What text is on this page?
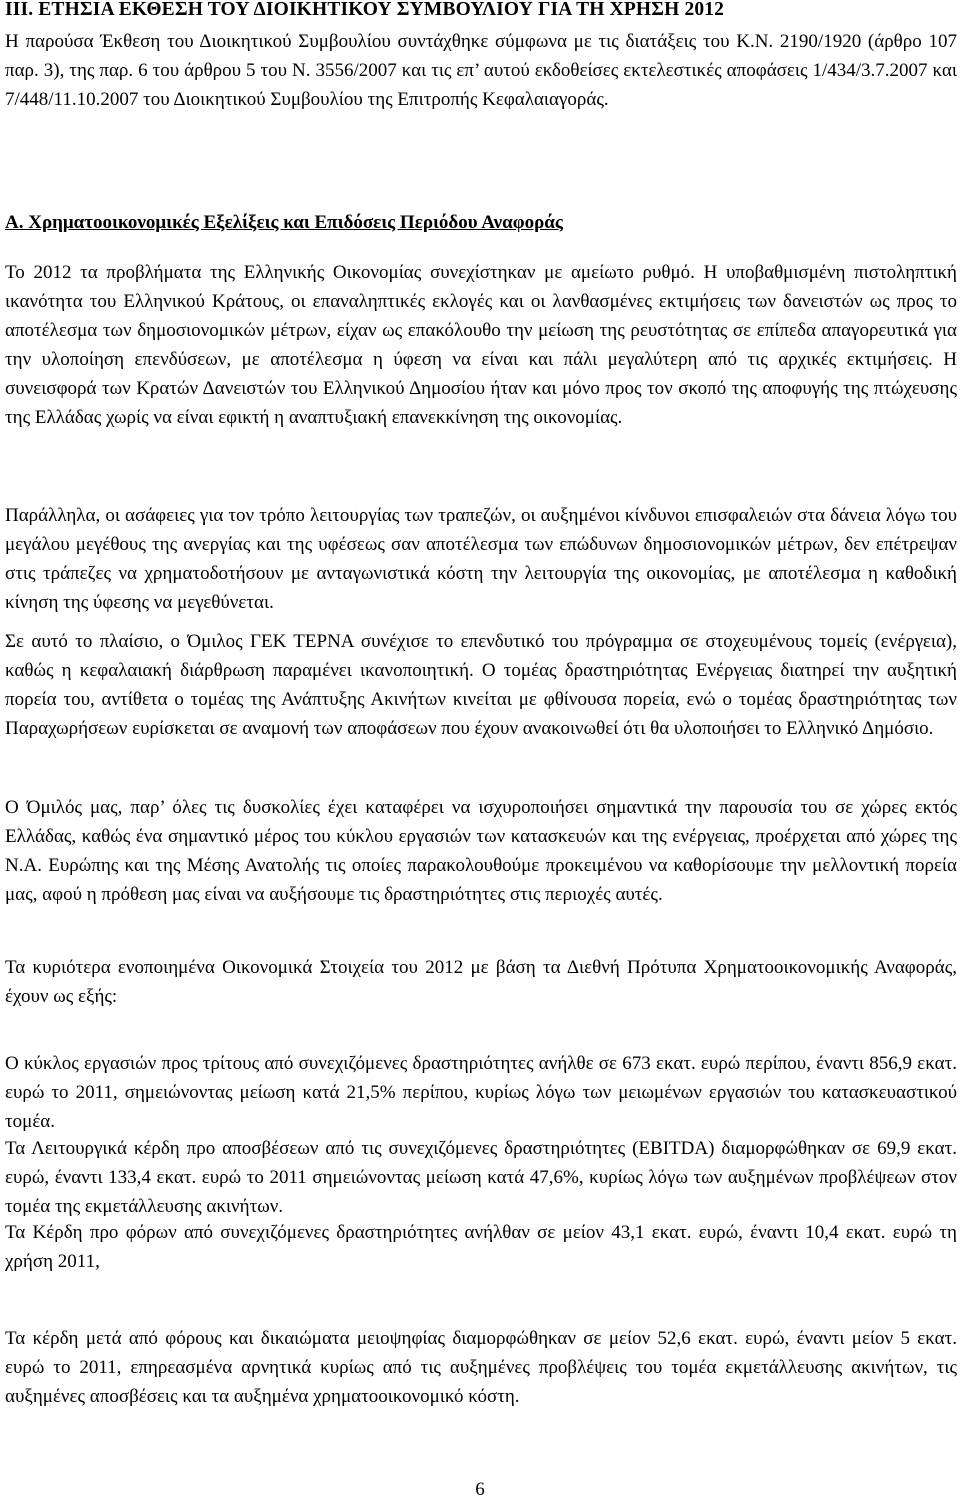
III. ΕΤΗΣΙΑ ΕΚΘΕΣΗ ΤΟΥ ΔΙΟΙΚΗΤΙΚΟΥ ΣΥΜΒΟΥΛΙΟΥ ΓΙΑ ΤΗ ΧΡΗΣΗ 2012

Η παρούσα Έκθεση του Διοικητικού Συμβουλίου συντάχθηκε σύμφωνα με τις διατάξεις του Κ.Ν. 2190/1920 (άρθρο 107 παρ. 3), της παρ. 6 του άρθρου 5 του Ν. 3556/2007 και τις επ’ αυτού εκδοθείσες εκτελεστικές αποφάσεις 1/434/3.7.2007 και 7/448/11.10.2007 του Διοικητικού Συμβουλίου της Επιτροπής Κεφαλαιαγοράς.

Α. Χρηματοοικονομικές Εξελίξεις και Επιδόσεις Περιόδου Αναφοράς

Το 2012 τα προβλήματα της Ελληνικής Οικονομίας συνεχίστηκαν με αμείωτο ρυθμό. Η υποβαθμισμένη πιστοληπτική ικανότητα του Ελληνικού Κράτους, οι επαναληπτικές εκλογές και οι λανθασμένες εκτιμήσεις των δανειστών ως προς το αποτέλεσμα των δημοσιονομικών μέτρων, είχαν ως επακόλουθο την μείωση της ρευστότητας σε επίπεδα απαγορευτικά για την υλοποίηση επενδύσεων, με αποτέλεσμα η ύφεση να είναι και πάλι μεγαλύτερη από τις αρχικές εκτιμήσεις. Η συνεισφορά των Κρατών Δανειστών του Ελληνικού Δημοσίου ήταν και μόνο προς τον σκοπό της αποφυγής της πτώχευσης της Ελλάδας χωρίς να είναι εφικτή η αναπτυξιακή επανεκκίνηση της οικονομίας.

Παράλληλα, οι ασάφειες για τον τρόπο λειτουργίας των τραπεζών, οι αυξημένοι κίνδυνοι επισφαλειών στα δάνεια λόγω του μεγάλου μεγέθους της ανεργίας και της υφέσεως σαν αποτέλεσμα των επώδυνων δημοσιονομικών μέτρων, δεν επέτρεψαν στις τράπεζες να χρηματοδοτήσουν με ανταγωνιστικά κόστη την λειτουργία της οικονομίας, με αποτέλεσμα η καθοδική κίνηση της ύφεσης να μεγεθύνεται.

Σε αυτό το πλαίσιο, ο Όμιλος ΓΕΚ ΤΕΡΝΑ συνέχισε το επενδυτικό του πρόγραμμα σε στοχευμένους τομείς (ενέργεια), καθώς η κεφαλαιακή διάρθρωση παραμένει ικανοποιητική. Ο τομέας δραστηριότητας Ενέργειας διατηρεί την αυξητική πορεία του, αντίθετα ο τομέας της Ανάπτυξης Ακινήτων κινείται με φθίνουσα πορεία, ενώ ο τομέας δραστηριότητας των Παραχωρήσεων ευρίσκεται σε αναμονή των αποφάσεων που έχουν ανακοινωθεί ότι θα υλοποιήσει το Ελληνικό Δημόσιο.

Ο Όμιλός μας, παρ’ όλες τις δυσκολίες έχει καταφέρει να ισχυροποιήσει σημαντικά την παρουσία του σε χώρες εκτός Ελλάδας, καθώς ένα σημαντικό μέρος του κύκλου εργασιών των κατασκευών και της ενέργειας, προέρχεται από χώρες της Ν.Α. Ευρώπης και της Μέσης Ανατολής τις οποίες παρακολουθούμε προκειμένου να καθορίσουμε την μελλοντική πορεία μας, αφού η πρόθεση μας είναι να αυξήσουμε τις δραστηριότητες στις περιοχές αυτές.

Τα κυριότερα ενοποιημένα Οικονομικά Στοιχεία του 2012 με βάση τα Διεθνή Πρότυπα Χρηματοοικονομικής Αναφοράς, έχουν ως εξής:

Ο κύκλος εργασιών προς τρίτους από συνεχιζόμενες δραστηριότητες ανήλθε σε 673 εκατ. ευρώ περίπου, έναντι 856,9 εκατ. ευρώ το 2011, σημειώνοντας μείωση κατά 21,5% περίπου, κυρίως λόγω των μειωμένων εργασιών του κατασκευαστικού τομέα.

Τα Λειτουργικά κέρδη προ αποσβέσεων από τις συνεχιζόμενες δραστηριότητες (EBITDA) διαμορφώθηκαν σε 69,9 εκατ. ευρώ, έναντι 133,4 εκατ. ευρώ το 2011 σημειώνοντας μείωση κατά 47,6%, κυρίως λόγω των αυξημένων προβλέψεων στον τομέα της εκμετάλλευσης ακινήτων.

Τα Κέρδη προ φόρων από συνεχιζόμενες δραστηριότητες ανήλθαν σε μείον 43,1 εκατ. ευρώ, έναντι 10,4 εκατ. ευρώ τη χρήση 2011,

Τα κέρδη μετά από φόρους και δικαιώματα μειοψηφίας διαμορφώθηκαν σε μείον 52,6 εκατ. ευρώ, έναντι μείον 5 εκατ. ευρώ το 2011, επηρεασμένα αρνητικά κυρίως από τις αυξημένες προβλέψεις του τομέα εκμετάλλευσης ακινήτων, τις αυξημένες αποσβέσεις και τα αυξημένα χρηματοοικονομικό κόστη.

6
